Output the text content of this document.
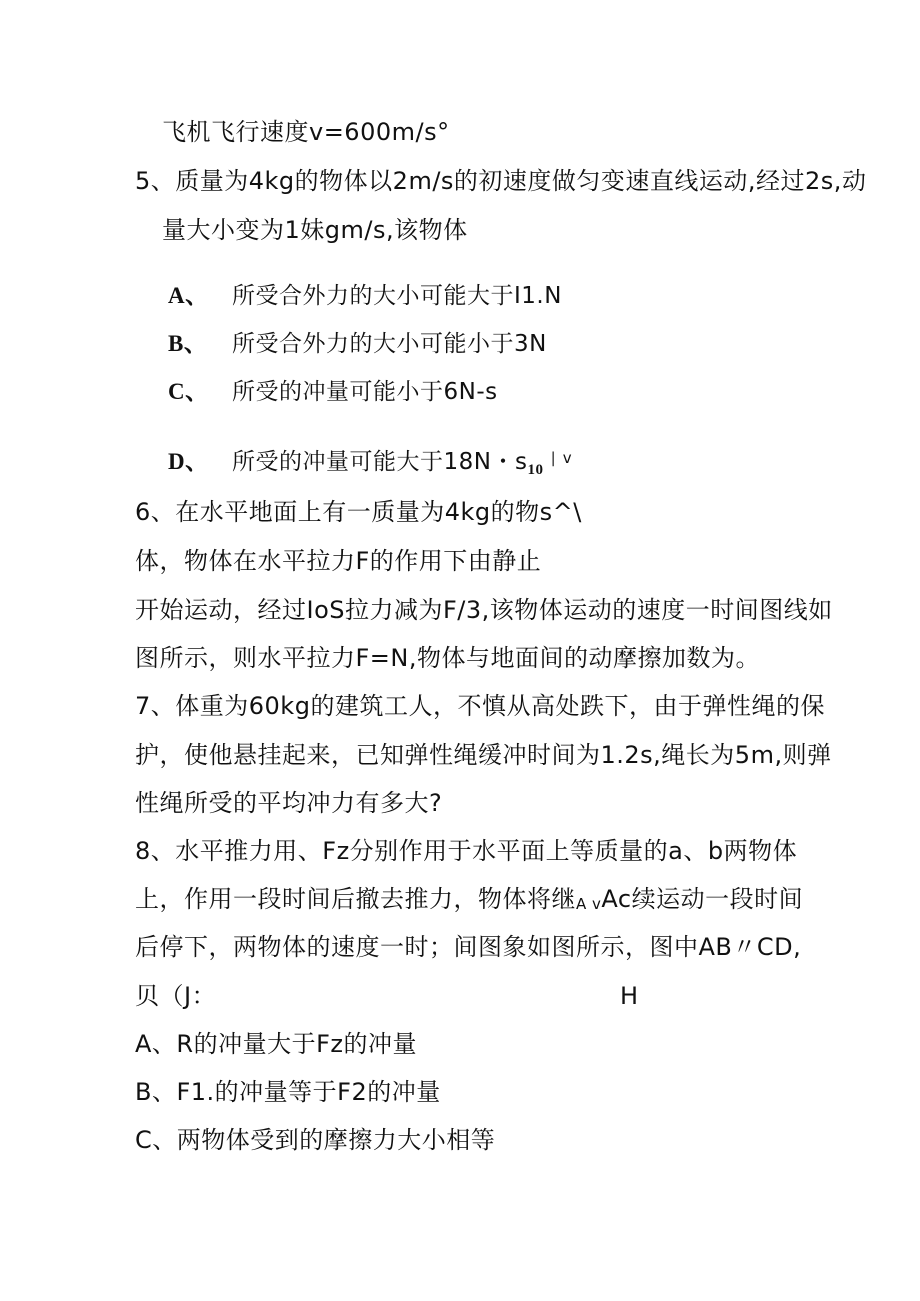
飞机飞行速度v=600m∕s°
5、质量为4kg的物体以2m∕s的初速度做匀变速直线运动,经过2s,动
量大小变为1妹gm∕s,该物体
A、 所受合外力的大小可能大于I1.N
B、 所受合外力的大小可能小于3N
C、 所受的冲量可能小于6N-s
D、 所受的冲量可能大于18N・$s_{10}^{∣ v}$
6、在水平地面上有一质量为4kg的物s^\
体，物体在水平拉力F的作用下由静止
开始运动，经过IoS拉力减为F/3,该物体运动的速度一时间图线如
图所示，则水平拉力F=N,物体与地面间的动摩擦加数为。
7、体重为60kg的建筑工人，不慎从高处跌下，由于弹性绳的保
护，使他悬挂起来，已知弹性绳缓冲时间为1.2s,绳长为5m,则弹
性绳所受的平均冲力有多大?
8、水平推力用、Fz分别作用于水平面上等质量的a、b两物体
上，作用一段时间后撤去推力，物体将继A vAc续运动一段时间
后停下，两物体的速度一时；间图象如图所示，图中AB〃CD,
贝（J：	H
A、R的冲量大于Fz的冲量
B、F1.的冲量等于F2的冲量
C、两物体受到的摩擦力大小相等
